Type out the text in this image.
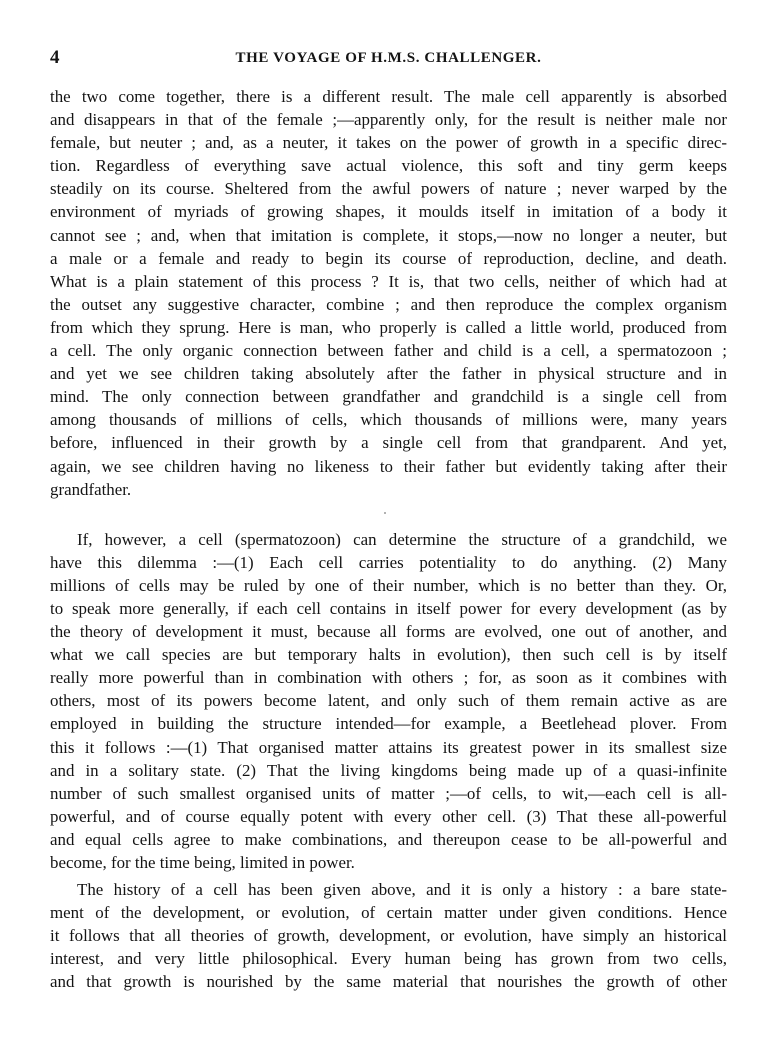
4	THE VOYAGE OF H.M.S. CHALLENGER.
the two come together, there is a different result. The male cell apparently is absorbed
and disappears in that of the female ;—apparently only, for the result is neither male nor
female, but neuter ; and, as a neuter, it takes on the power of growth in a specific direc-
tion. Regardless of everything save actual violence, this soft and tiny germ keeps
steadily on its course. Sheltered from the awful powers of nature ; never warped by the
environment of myriads of growing shapes, it moulds itself in imitation of a body it
cannot see ; and, when that imitation is complete, it stops,—now no longer a neuter, but
a male or a female and ready to begin its course of reproduction, decline, and death.
What is a plain statement of this process ? It is, that two cells, neither of which had at
the outset any suggestive character, combine ; and then reproduce the complex organism
from which they sprung. Here is man, who properly is called a little world, produced from
a cell. The only organic connection between father and child is a cell, a spermatozoon ;
and yet we see children taking absolutely after the father in physical structure and in
mind. The only connection between grandfather and grandchild is a single cell from
among thousands of millions of cells, which thousands of millions were, many years
before, influenced in their growth by a single cell from that grandparent. And yet,
again, we see children having no likeness to their father but evidently taking after their
grandfather.
If, however, a cell (spermatozoon) can determine the structure of a grandchild, we
have this dilemma :—(1) Each cell carries potentiality to do anything. (2) Many
millions of cells may be ruled by one of their number, which is no better than they. Or,
to speak more generally, if each cell contains in itself power for every development (as by
the theory of development it must, because all forms are evolved, one out of another, and
what we call species are but temporary halts in evolution), then such cell is by itself
really more powerful than in combination with others ; for, as soon as it combines with
others, most of its powers become latent, and only such of them remain active as are
employed in building the structure intended—for example, a Beetlehead plover. From
this it follows :—(1) That organised matter attains its greatest power in its smallest size
and in a solitary state. (2) That the living kingdoms being made up of a quasi-infinite
number of such smallest organised units of matter ;—of cells, to wit,—each cell is all-
powerful, and of course equally potent with every other cell. (3) That these all-powerful
and equal cells agree to make combinations, and thereupon cease to be all-powerful and
become, for the time being, limited in power.
The history of a cell has been given above, and it is only a history : a bare state-
ment of the development, or evolution, of certain matter under given conditions. Hence
it follows that all theories of growth, development, or evolution, have simply an historical
interest, and very little philosophical. Every human being has grown from two cells,
and that growth is nourished by the same material that nourishes the growth of other
